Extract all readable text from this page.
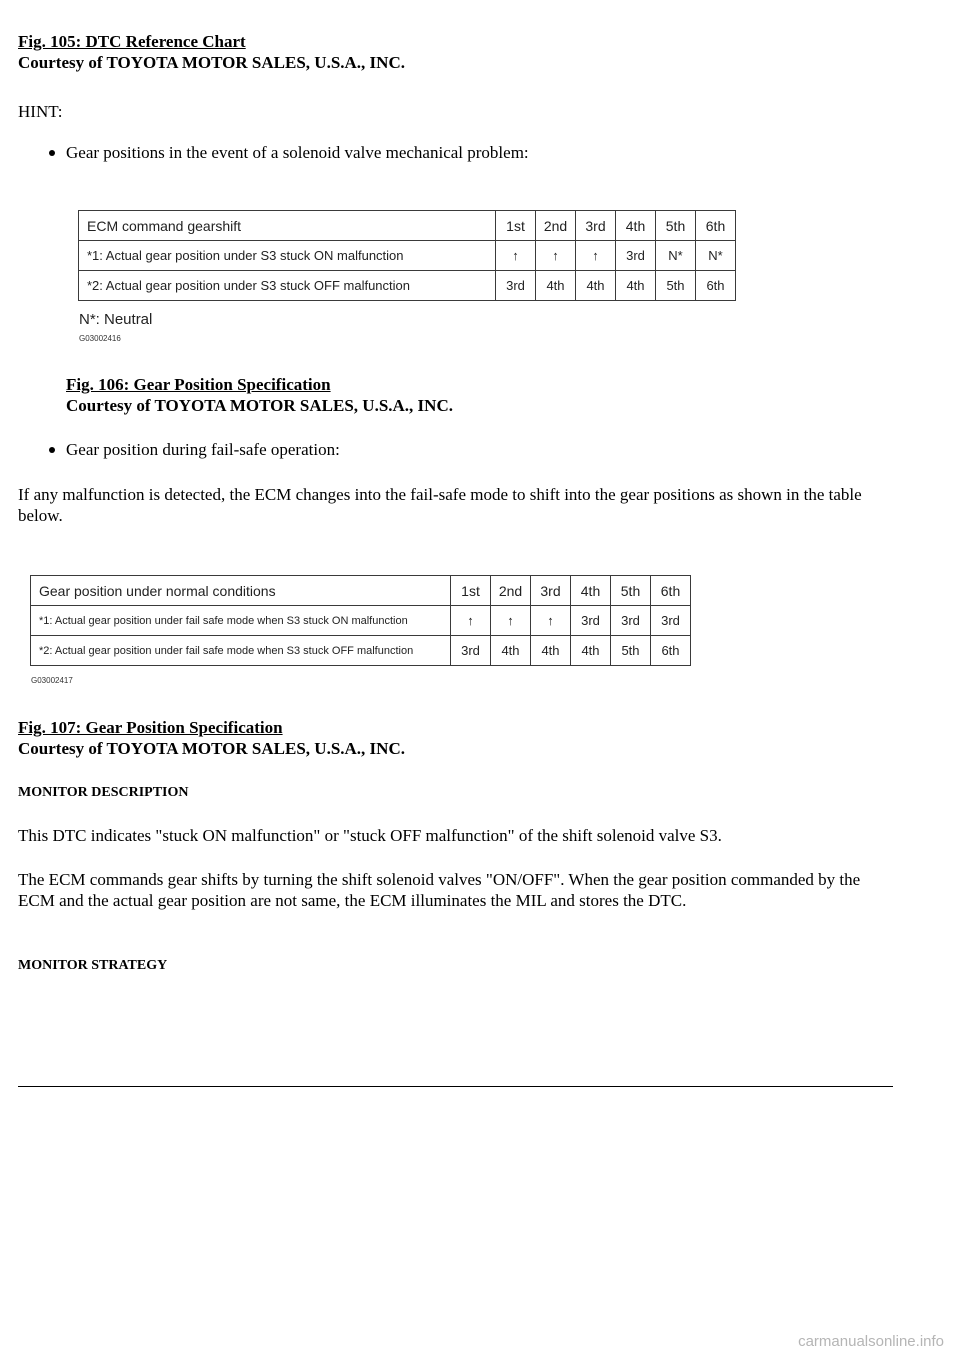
Fig. 105: DTC Reference Chart
Courtesy of TOYOTA MOTOR SALES, U.S.A., INC.
HINT:
Gear positions in the event of a solenoid valve mechanical problem:
ECM command gearshift	1st	2nd	3rd	4th	5th	6th
*1: Actual gear position under S3 stuck ON malfunction	↑	↑	↑	3rd	N*	N*
*2: Actual gear position under S3 stuck OFF malfunction	3rd	4th	4th	4th	5th	6th
N*: Neutral
G03002416
Fig. 106: Gear Position Specification
Courtesy of TOYOTA MOTOR SALES, U.S.A., INC.
Gear position during fail-safe operation:
If any malfunction is detected, the ECM changes into the fail-safe mode to shift into the gear positions as shown in the table below.
Gear position under normal conditions	1st	2nd	3rd	4th	5th	6th
*1: Actual gear position under fail safe mode when S3 stuck ON malfunction	↑	↑	↑	3rd	3rd	3rd
*2: Actual gear position under fail safe mode when S3 stuck OFF malfunction	3rd	4th	4th	4th	5th	6th
G03002417
Fig. 107: Gear Position Specification
Courtesy of TOYOTA MOTOR SALES, U.S.A., INC.
MONITOR DESCRIPTION
This DTC indicates "stuck ON malfunction" or "stuck OFF malfunction" of the shift solenoid valve S3.
The ECM commands gear shifts by turning the shift solenoid valves "ON/OFF". When the gear position commanded by the ECM and the actual gear position are not same, the ECM illuminates the MIL and stores the DTC.
MONITOR STRATEGY
carmanualsonline.info
